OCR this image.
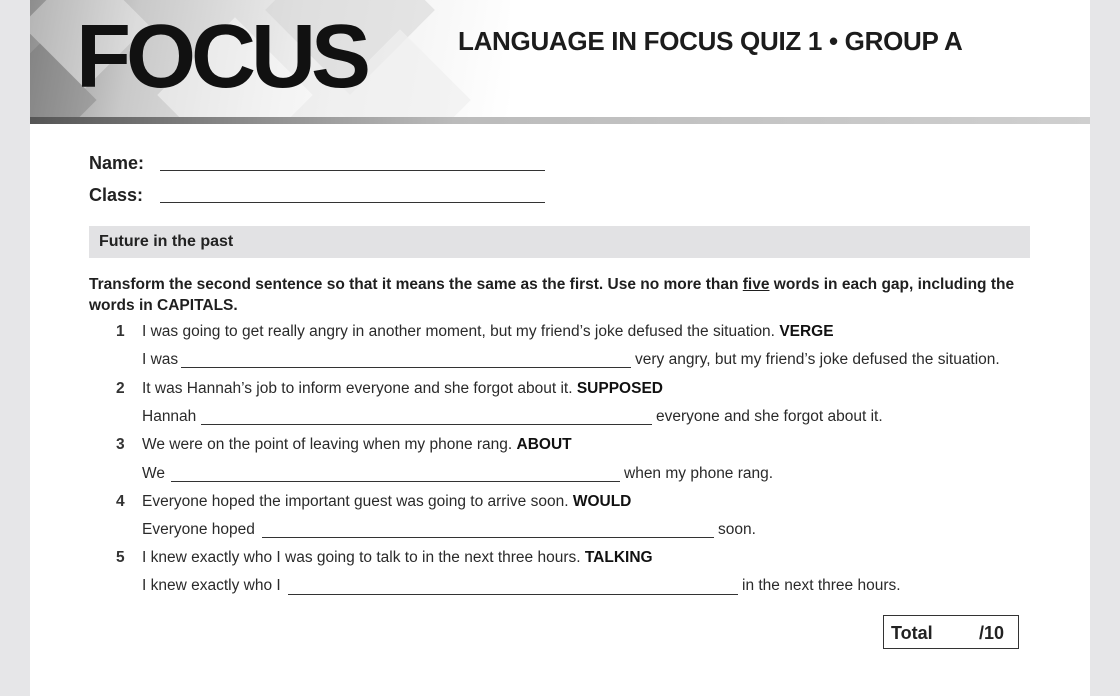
FOCUS	LANGUAGE IN FOCUS QUIZ 1 • GROUP A
Name:
Class:
Future in the past
Transform the second sentence so that it means the same as the first. Use no more than five words in each gap, including the words in CAPITALS.
1 I was going to get really angry in another moment, but my friend’s joke defused the situation. VERGE
I was	very angry, but my friend’s joke defused the situation.
2 It was Hannah’s job to inform everyone and she forgot about it. SUPPOSED
Hannah	everyone and she forgot about it.
3 We were on the point of leaving when my phone rang. ABOUT
We	when my phone rang.
4 Everyone hoped the important guest was going to arrive soon. WOULD
Everyone hoped	soon.
5 I knew exactly who I was going to talk to in the next three hours. TALKING
I knew exactly who I	in the next three hours.
Total	/10
